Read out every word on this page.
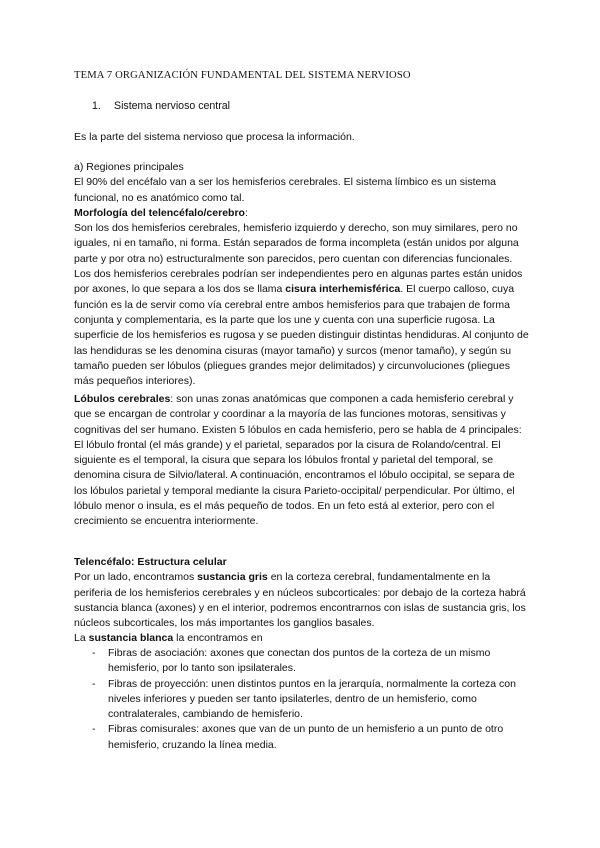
TEMA 7 ORGANIZACIÓN FUNDAMENTAL DEL SISTEMA NERVIOSO
1. Sistema nervioso central

Es la parte del sistema nervioso que procesa la información.

a) Regiones principales

El 90% del encéfalo van a ser los hemisferios cerebrales. El sistema límbico es un sistema funcional, no es anatómico como tal.

Morfología del telencéfalo/cerebro:

Son los dos hemisferios cerebrales, hemisferio izquierdo y derecho, son muy similares, pero no iguales, ni en tamaño, ni forma. Están separados de forma incompleta (están unidos por alguna parte y por otra no) estructuralmente son parecidos, pero cuentan con diferencias funcionales. Los dos hemisferios cerebrales podrían ser independientes pero en algunas partes están unidos por axones, lo que separa a los dos se llama cisura interhemisférica. El cuerpo calloso, cuya función es la de servir como vía cerebral entre ambos hemisferios para que trabajen de forma conjunta y complementaria, es la parte que los une y cuenta con una superficie rugosa. La superficie de los hemisferios es rugosa y se pueden distinguir distintas hendiduras. Al conjunto de las hendiduras se les denomina cisuras (mayor tamaño) y surcos (menor tamaño), y según su tamaño pueden ser lóbulos (pliegues grandes mejor delimitados) y circunvoluciones (pliegues más pequeños interiores).

Lóbulos cerebrales: son unas zonas anatómicas que componen a cada hemisferio cerebral y que se encargan de controlar y coordinar a la mayoría de las funciones motoras, sensitivas y cognitivas del ser humano. Existen 5 lóbulos en cada hemisferio, pero se habla de 4 principales:

El lóbulo frontal (el más grande) y el parietal, separados por la cisura de Rolando/central. El siguiente es el temporal, la cisura que separa los lóbulos frontal y parietal del temporal, se denomina cisura de Silvio/lateral. A continuación, encontramos el lóbulo occipital, se separa de los lóbulos parietal y temporal mediante la cisura Parieto-occipital/ perpendicular. Por último, el lóbulo menor o insula, es el más pequeño de todos. En un feto está al exterior, pero con el crecimiento se encuentra interiormente.

Telencéfalo: Estructura celular

Por un lado, encontramos sustancia gris en la corteza cerebral, fundamentalmente en la periferia de los hemisferios cerebrales y en núcleos subcorticales: por debajo de la corteza habrá sustancia blanca (axones) y en el interior, podremos encontrarnos con islas de sustancia gris, los núcleos subcorticales, los más importantes los ganglios basales.

La sustancia blanca la encontramos en

- Fibras de asociación: axones que conectan dos puntos de la corteza de un mismo hemisferio, por lo tanto son ipsilaterales.
- Fibras de proyección: unen distintos puntos en la jerarquía, normalmente la corteza con niveles inferiores y pueden ser tanto ipsilaterles, dentro de un hemisferio, como contralaterales, cambiando de hemisferio.
- Fibras comisurales: axones que van de un punto de un hemisferio a un punto de otro hemisferio, cruzando la línea media.
